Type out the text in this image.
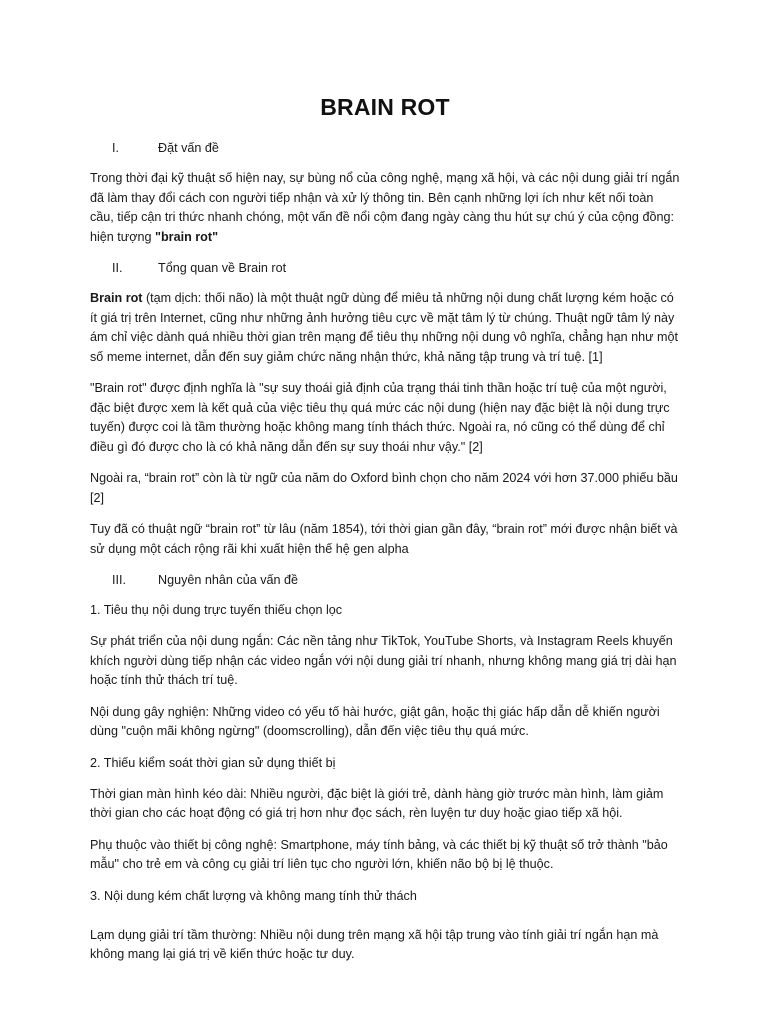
BRAIN ROT
I.	Đặt vấn đề

Trong thời đại kỹ thuật số hiện nay, sự bùng nổ của công nghệ, mạng xã hội, và các nội dung giải trí ngắn đã làm thay đổi cách con người tiếp nhận và xử lý thông tin. Bên cạnh những lợi ích như kết nối toàn cầu, tiếp cận tri thức nhanh chóng, một vấn đề nổi cộm đang ngày càng thu hút sự chú ý của cộng đồng: hiện tượng "brain rot"

II.	Tổng quan về Brain rot

Brain rot (tạm dịch: thối não) là một thuật ngữ dùng để miêu tả những nội dung chất lượng kém hoặc có ít giá trị trên Internet, cũng như những ảnh hưởng tiêu cực về mặt tâm lý từ chúng. Thuật ngữ tâm lý này ám chỉ việc dành quá nhiều thời gian trên mạng để tiêu thụ những nội dung vô nghĩa, chẳng hạn như một số meme internet, dẫn đến suy giảm chức năng nhận thức, khả năng tập trung và trí tuệ. [1]

"Brain rot" được định nghĩa là "sự suy thoái giả định của trạng thái tinh thần hoặc trí tuệ của một người, đặc biệt được xem là kết quả của việc tiêu thụ quá mức các nội dung (hiện nay đặc biệt là nội dung trực tuyến) được coi là tầm thường hoặc không mang tính thách thức. Ngoài ra, nó cũng có thể dùng để chỉ điều gì đó được cho là có khả năng dẫn đến sự suy thoái như vậy." [2]

Ngoài ra, “brain rot” còn là từ ngữ của năm do Oxford bình chọn cho năm 2024 với hơn 37.000 phiếu bầu [2]

Tuy đã có thuật ngữ “brain rot” từ lâu (năm 1854), tới thời gian gần đây, “brain rot” mới được nhận biết và sử dụng một cách rộng rãi khi xuất hiện thế hệ gen alpha

III.	Nguyên nhân của vấn đề

1. Tiêu thụ nội dung trực tuyến thiếu chọn lọc

Sự phát triển của nội dung ngắn: Các nền tảng như TikTok, YouTube Shorts, và Instagram Reels khuyến khích người dùng tiếp nhận các video ngắn với nội dung giải trí nhanh, nhưng không mang giá trị dài hạn hoặc tính thử thách trí tuệ.

Nội dung gây nghiện: Những video có yếu tố hài hước, giật gân, hoặc thị giác hấp dẫn dễ khiến người dùng "cuộn mãi không ngừng" (doomscrolling), dẫn đến việc tiêu thụ quá mức.

2. Thiếu kiểm soát thời gian sử dụng thiết bị

Thời gian màn hình kéo dài: Nhiều người, đặc biệt là giới trẻ, dành hàng giờ trước màn hình, làm giảm thời gian cho các hoạt động có giá trị hơn như đọc sách, rèn luyện tư duy hoặc giao tiếp xã hội.

Phụ thuộc vào thiết bị công nghệ: Smartphone, máy tính bảng, và các thiết bị kỹ thuật số trở thành "bảo mẫu" cho trẻ em và công cụ giải trí liên tục cho người lớn, khiến não bộ bị lệ thuộc.

3. Nội dung kém chất lượng và không mang tính thử thách

Lạm dụng giải trí tầm thường: Nhiều nội dung trên mạng xã hội tập trung vào tính giải trí ngắn hạn mà không mang lại giá trị về kiến thức hoặc tư duy.
